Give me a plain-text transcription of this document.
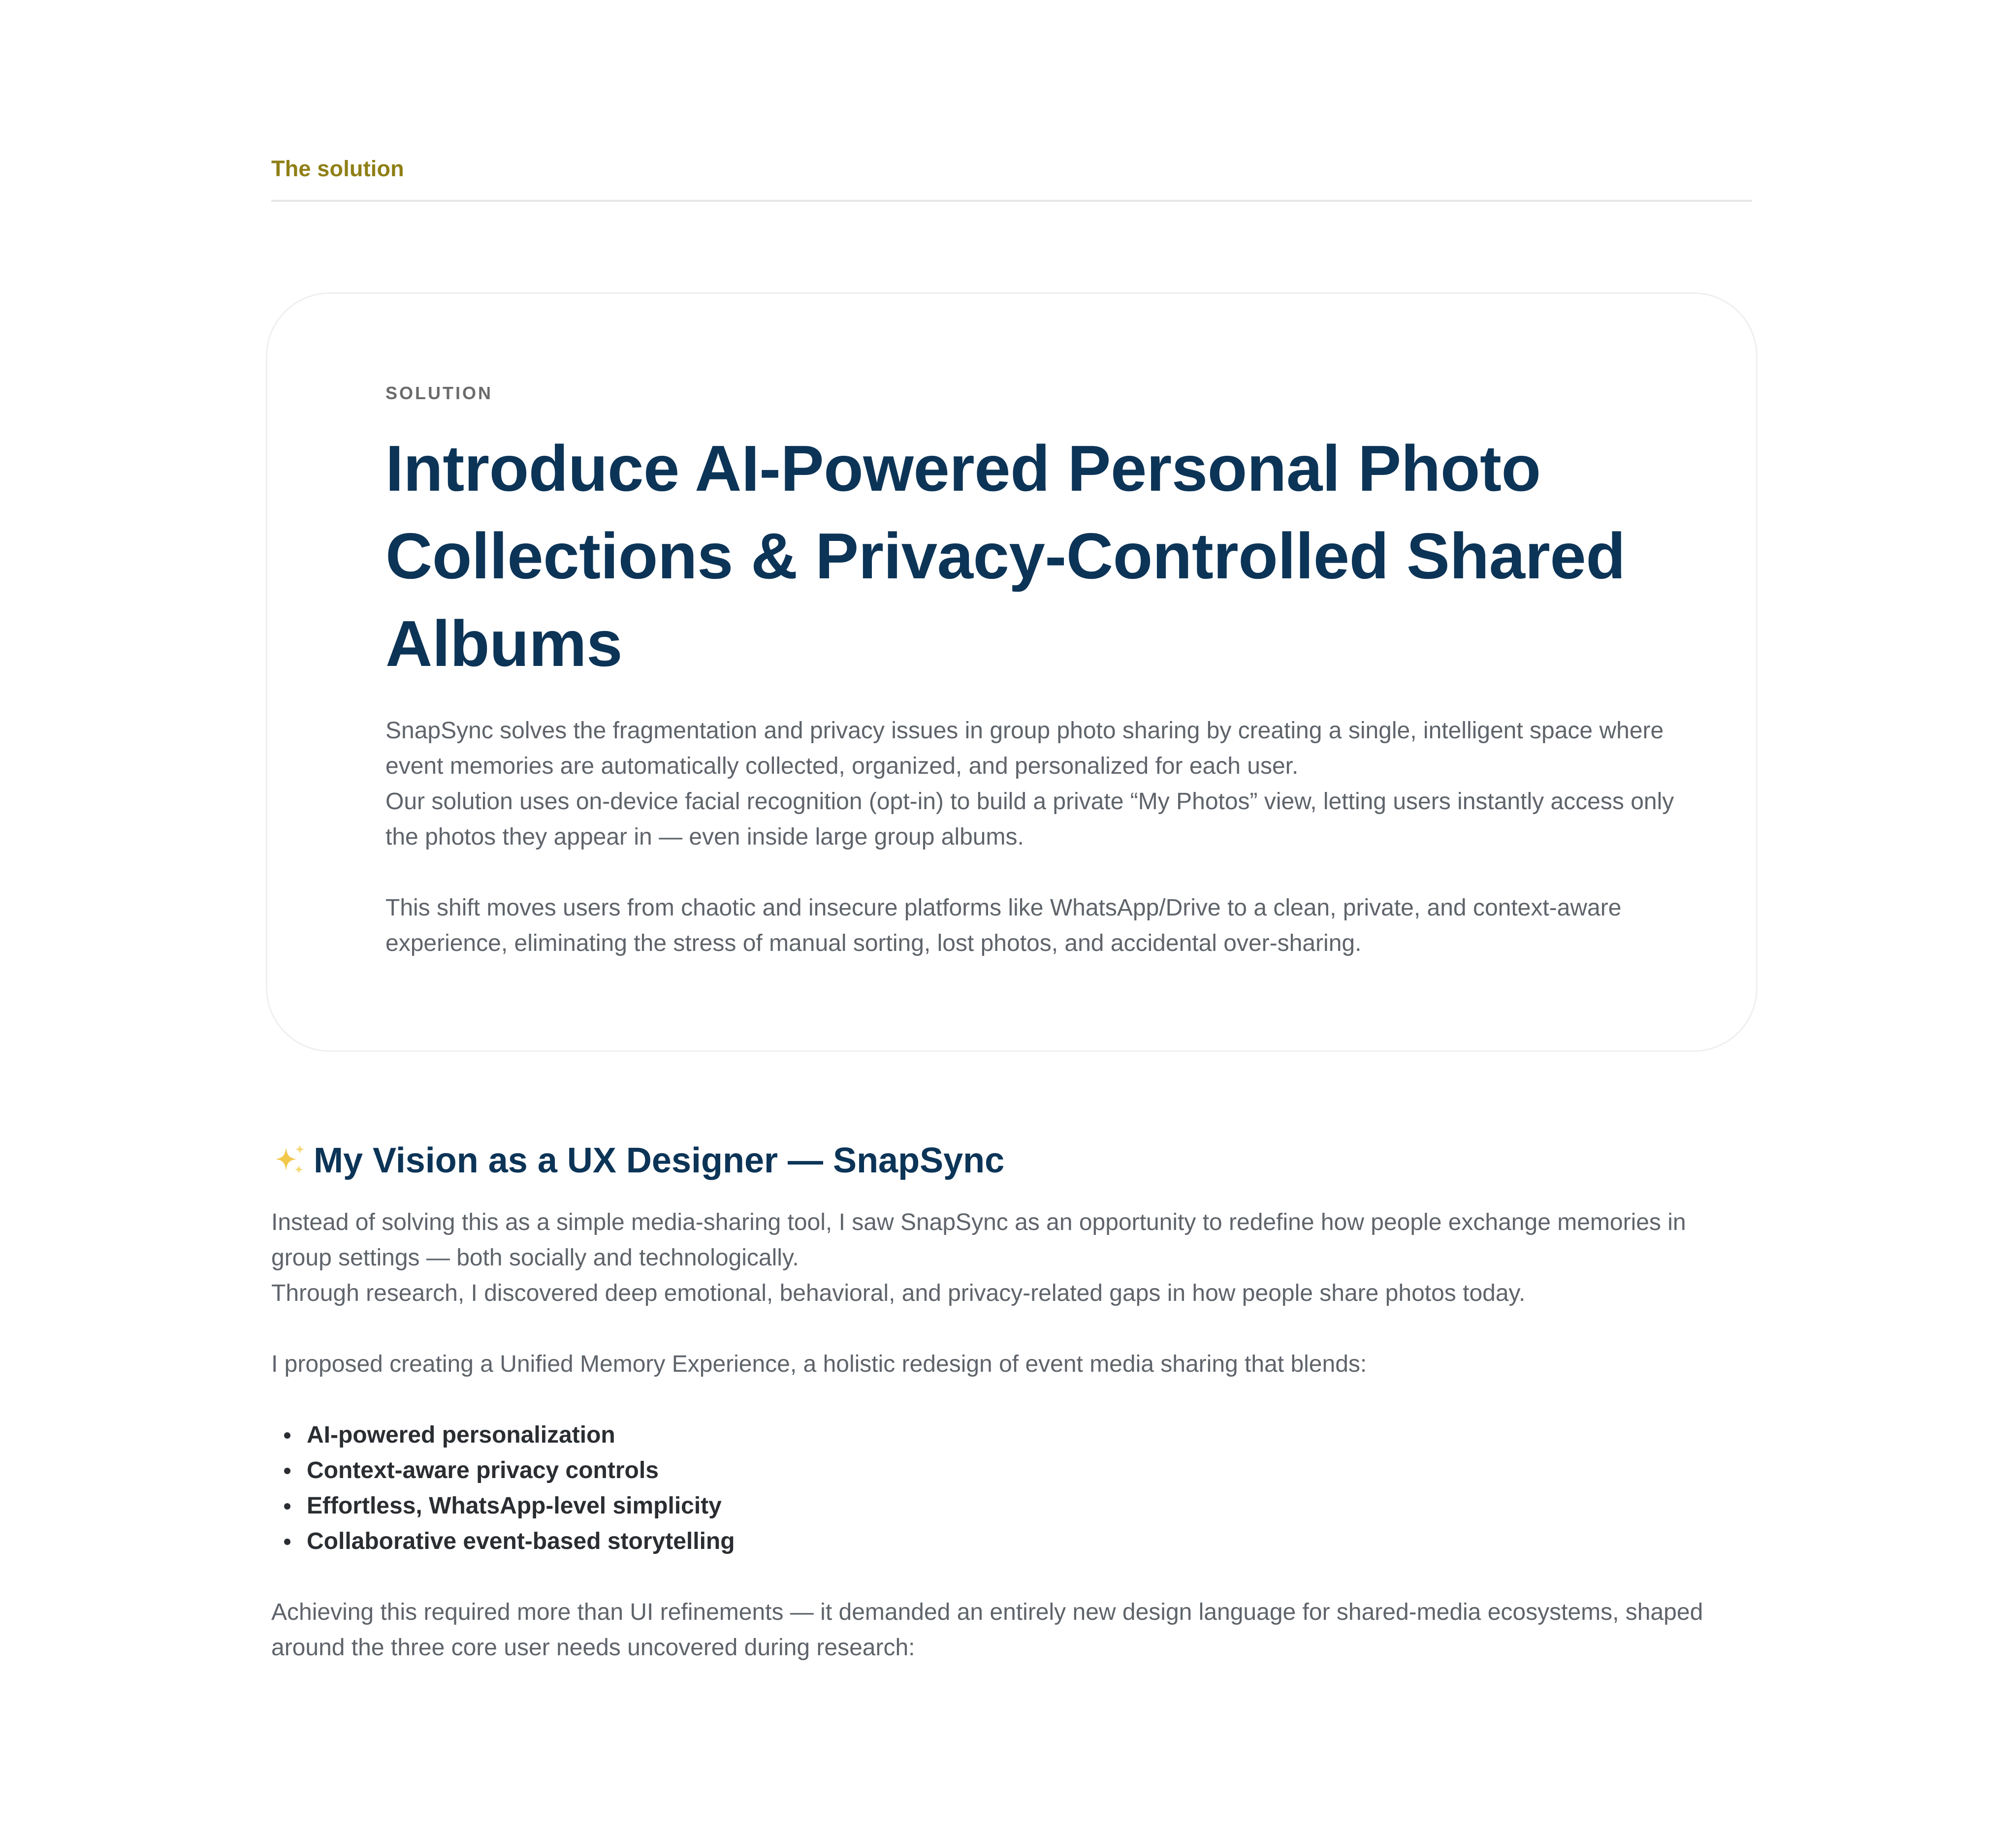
The solution

SOLUTION

Introduce AI-Powered Personal Photo Collections & Privacy-Controlled Shared Albums

SnapSync solves the fragmentation and privacy issues in group photo sharing by creating a single, intelligent space where event memories are automatically collected, organized, and personalized for each user.
Our solution uses on-device facial recognition (opt-in) to build a private “My Photos” view, letting users instantly access only the photos they appear in — even inside large group albums.

This shift moves users from chaotic and insecure platforms like WhatsApp/Drive to a clean, private, and context-aware experience, eliminating the stress of manual sorting, lost photos, and accidental over-sharing.

My Vision as a UX Designer — SnapSync

Instead of solving this as a simple media-sharing tool, I saw SnapSync as an opportunity to redefine how people exchange memories in group settings — both socially and technologically.
Through research, I discovered deep emotional, behavioral, and privacy-related gaps in how people share photos today.

I proposed creating a Unified Memory Experience, a holistic redesign of event media sharing that blends:

AI-powered personalization
Context-aware privacy controls
Effortless, WhatsApp-level simplicity
Collaborative event-based storytelling

Achieving this required more than UI refinements — it demanded an entirely new design language for shared-media ecosystems, shaped around the three core user needs uncovered during research:
